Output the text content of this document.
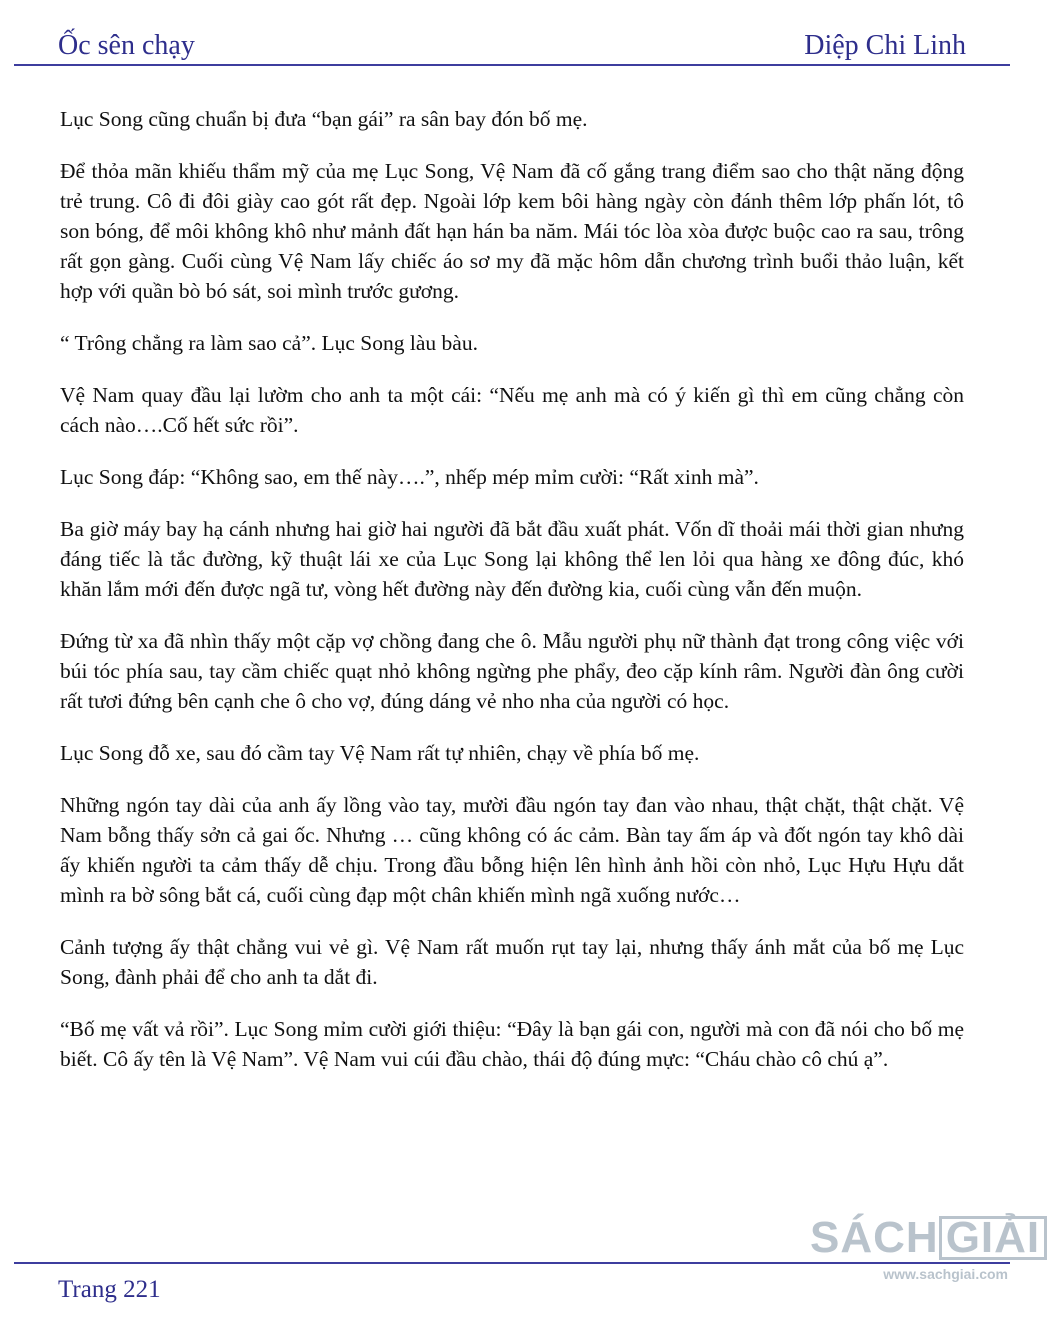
Ốc sên chạy	Diệp Chi Linh

Lục Song cũng chuẩn bị đưa “bạn gái” ra sân bay đón bố mẹ.

Để thỏa mãn khiếu thẩm mỹ của mẹ Lục Song, Vệ Nam đã cố gắng trang điểm sao cho thật năng động trẻ trung. Cô đi đôi giày cao gót rất đẹp. Ngoài lớp kem bôi hàng ngày còn đánh thêm lớp phấn lót, tô son bóng, để môi không khô như mảnh đất hạn hán ba năm. Mái tóc lòa xòa được buộc cao ra sau, trông rất gọn gàng. Cuối cùng Vệ Nam lấy chiếc áo sơ my đã mặc hôm dẫn chương trình buổi thảo luận, kết hợp với quần bò bó sát, soi mình trước gương.

“ Trông chẳng ra làm sao cả”. Lục Song làu bàu.

Vệ Nam quay đầu lại lườm cho anh ta một cái: “Nếu mẹ anh mà có ý kiến gì thì em cũng chẳng còn cách nào….Cố hết sức rồi”.

Lục Song đáp: “Không sao, em thế này….”, nhếp mép mỉm cười: “Rất xinh mà”.

Ba giờ máy bay hạ cánh nhưng hai giờ hai người đã bắt đầu xuất phát. Vốn dĩ thoải mái thời gian nhưng đáng tiếc là tắc đường, kỹ thuật lái xe của Lục Song lại không thể len lỏi qua hàng xe đông đúc, khó khăn lắm mới đến được ngã tư, vòng hết đường này đến đường kia, cuối cùng vẫn đến muộn.

Đứng từ xa đã nhìn thấy một cặp vợ chồng đang che ô. Mẫu người phụ nữ thành đạt trong công việc với búi tóc phía sau, tay cầm chiếc quạt nhỏ không ngừng phe phẩy, đeo cặp kính râm. Người đàn ông cười rất tươi đứng bên cạnh che ô cho vợ, đúng dáng vẻ nho nha của người có học.

Lục Song đỗ xe, sau đó cầm tay Vệ Nam rất tự nhiên, chạy về phía bố mẹ.

Những ngón tay dài của anh ấy lồng vào tay, mười đầu ngón tay đan vào nhau, thật chặt, thật chặt. Vệ Nam bỗng thấy sởn cả gai ốc. Nhưng … cũng không có ác cảm. Bàn tay ấm áp và đốt ngón tay khô dài ấy khiến người ta cảm thấy dễ chịu. Trong đầu bỗng hiện lên hình ảnh hồi còn nhỏ, Lục Hựu Hựu dắt mình ra bờ sông bắt cá, cuối cùng đạp một chân khiến mình ngã xuống nước…

Cảnh tượng ấy thật chẳng vui vẻ gì. Vệ Nam rất muốn rụt tay lại, nhưng thấy ánh mắt của bố mẹ Lục Song, đành phải để cho anh ta dắt đi.

“Bố mẹ vất vả rồi”. Lục Song mỉm cười giới thiệu: “Đây là bạn gái con, người mà con đã nói cho bố mẹ biết. Cô ấy tên là Vệ Nam”. Vệ Nam vui cúi đầu chào, thái độ đúng mực: “Cháu chào cô chú ạ”.

Trang 221
SÁCH GIẢI
www.sachgiai.com
